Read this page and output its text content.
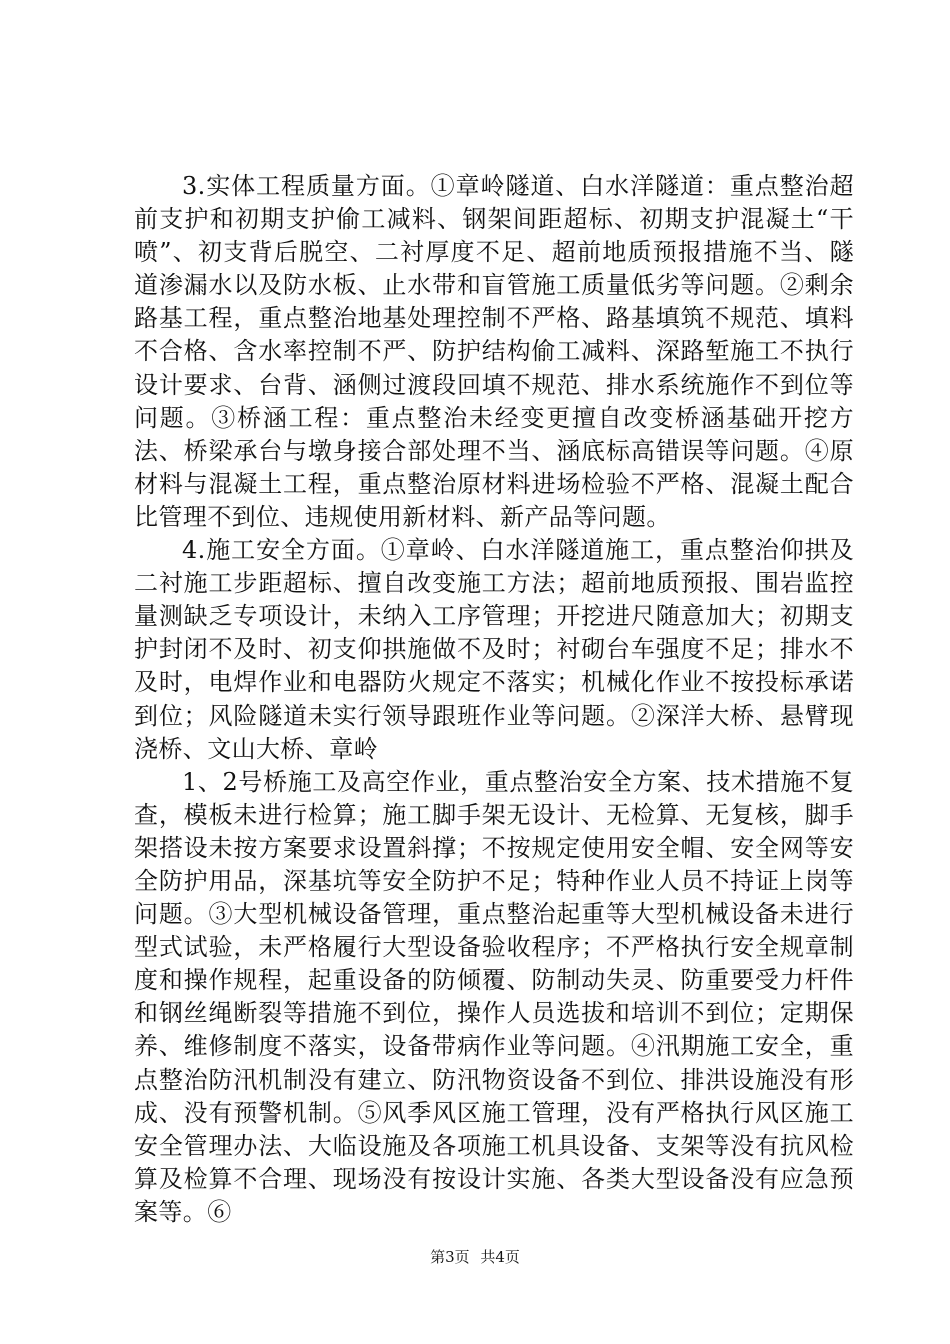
3.实体工程质量方面。①章岭隧道、白水洋隧道：重点整治超前支护和初期支护偷工减料、钢架间距超标、初期支护混凝土“干喷”、初支背后脱空、二衬厚度不足、超前地质预报措施不当、隧道渗漏水以及防水板、止水带和盲管施工质量低劣等问题。②剩余路基工程，重点整治地基处理控制不严格、路基填筑不规范、填料不合格、含水率控制不严、防护结构偷工减料、深路堑施工不执行设计要求、台背、涵侧过渡段回填不规范、排水系统施作不到位等问题。③桥涵工程：重点整治未经变更擅自改变桥涵基础开挖方法、桥梁承台与墩身接合部处理不当、涵底标高错误等问题。④原材料与混凝土工程，重点整治原材料进场检验不严格、混凝土配合比管理不到位、违规使用新材料、新产品等问题。

4.施工安全方面。①章岭、白水洋隧道施工，重点整治仰拱及二衬施工步距超标、擅自改变施工方法；超前地质预报、围岩监控量测缺乏专项设计，未纳入工序管理；开挖进尺随意加大；初期支护封闭不及时、初支仰拱施做不及时；衬砌台车强度不足；排水不及时，电焊作业和电器防火规定不落实；机械化作业不按投标承诺到位；风险隧道未实行领导跟班作业等问题。②深洋大桥、悬臂现浇桥、文山大桥、章岭

1、2号桥施工及高空作业，重点整治安全方案、技术措施不复查，模板未进行检算；施工脚手架无设计、无检算、无复核，脚手架搭设未按方案要求设置斜撑；不按规定使用安全帽、安全网等安全防护用品，深基坑等安全防护不足；特种作业人员不持证上岗等问题。③大型机械设备管理，重点整治起重等大型机械设备未进行型式试验，未严格履行大型设备验收程序；不严格执行安全规章制度和操作规程，起重设备的防倾覆、防制动失灵、防重要受力杆件和钢丝绳断裂等措施不到位，操作人员选拔和培训不到位；定期保养、维修制度不落实，设备带病作业等问题。④汛期施工安全，重点整治防汛机制没有建立、防汛物资设备不到位、排洪设施没有形成、没有预警机制。⑤风季风区施工管理，没有严格执行风区施工安全管理办法、大临设施及各项施工机具设备、支架等没有抗风检算及检算不合理、现场没有按设计实施、各类大型设备没有应急预案等。⑥

第3页 共4页
